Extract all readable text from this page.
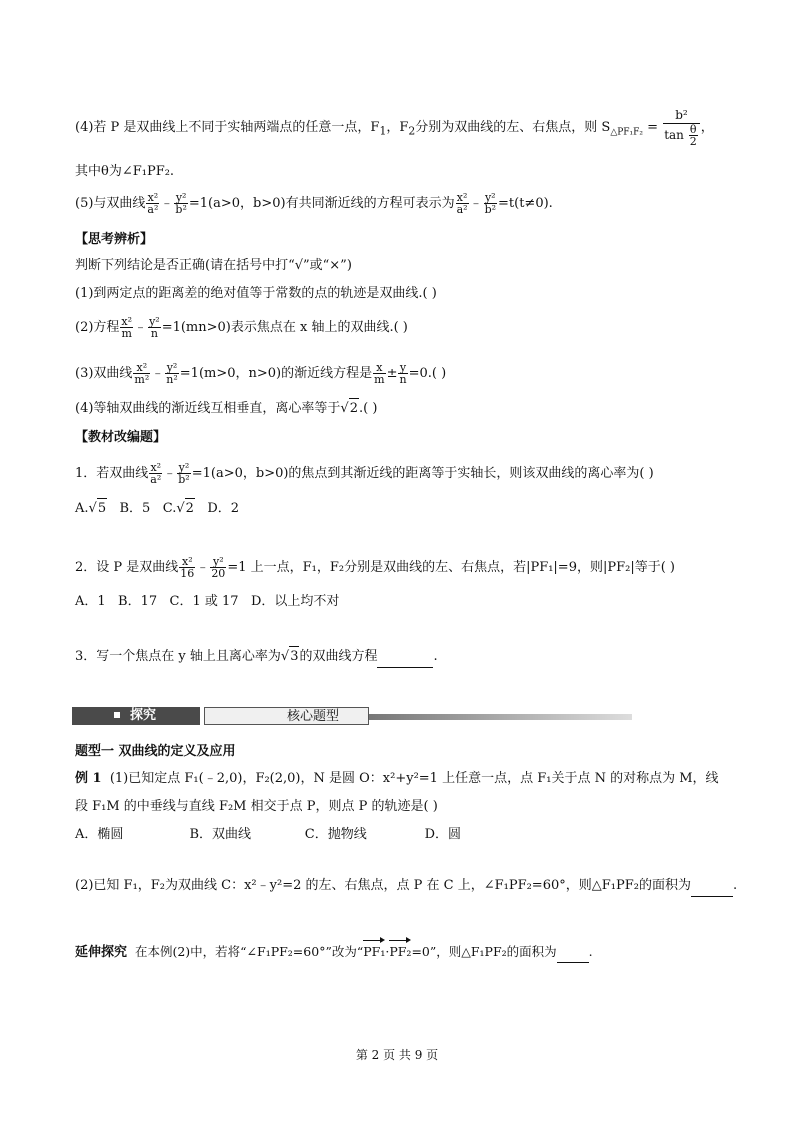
(4)若 P 是双曲线上不同于实轴两端点的任意一点，$F_1$，$F_2$分别为双曲线的左、右焦点，则 $S_{\triangle PF_1F_2} = \frac{\text{b²}}{\tan \frac{\theta}{2}}$ ，
其中θ为∠F₁PF₂.
(5)与双曲线 $\frac{\text{x²}}{\text{a²}}$ ﹣ $\frac{\text{y²}}{\text{b²}} =1(a>0$，b>0)有共同渐近线的方程可表示为 $\frac{\text{x²}}{\text{a²}}$ ﹣ $\frac{\text{y²}}{\text{b²}} =t(t\ne 0)$.
【思考辨析】
判断下列结论是否正确(请在括号中打“√”或“×”)
(1)到两定点的距离差的绝对值等于常数的点的轨迹是双曲线.( )
(2)方程 $\frac{\text{x²}}{m}$ ﹣ $\frac{\text{y²}}{n} =1(mn>0)$表示焦点在 x 轴上的双曲线.( )
(3)双曲线 $\frac{\text{x²}}{\text{m²}}$ ﹣ $\frac{\text{y²}}{\text{n²}} =1(m>0$，n>0)的渐近线方程是 $\frac{x}{m} \pm \frac{y}{n} =0$.( )
(4)等轴双曲线的渐近线互相垂直，离心率等于√2.( )
【教材改编题】
1．若双曲线 $\frac{\text{x²}}{\text{a²}}$ ﹣ $\frac{\text{y²}}{\text{b²}} =1(a>0$，b>0)的焦点到其渐近线的距离等于实轴长，则该双曲线的离心率为( )
A.√5   B．5   C.√2   D．2
2．设 P 是双曲线 $\frac{\text{x²}}{16}$ ﹣ $\frac{\text{y²}}{20} =1$ 上一点，F₁，F₂分别是双曲线的左、右焦点，若|PF₁|=9，则|PF₂|等于( )
A．1   B．17   C．1 或 17   D．以上均不对
3．写一个焦点在 y 轴上且离心率为√3的双曲线方程	.
探究	核心题型
题型一 双曲线的定义及应用
例 1 (1)已知定点 F₁(﹣2,0)，F₂(2,0)，N 是圆 O：x²+y²=1 上任意一点，点 F₁关于点 N 的对称点为 M，线
段 F₁M 的中垂线与直线 F₂M 相交于点 P，则点 P 的轨迹是( )
A．椭圆                B．双曲线             C．抛物线              D．圆
(2)已知 F₁，F₂为双曲线 C：x²﹣y²=2 的左、右焦点，点 P 在 C 上，∠F₁PF₂=60°，则△F₁PF₂的面积为	.
延伸探究  在本例(2)中，若将“∠F₁PF₂=60°”改为“PF₁·PF₂=0”，则△F₁PF₂的面积为	.
第 2 页 共 9 页
